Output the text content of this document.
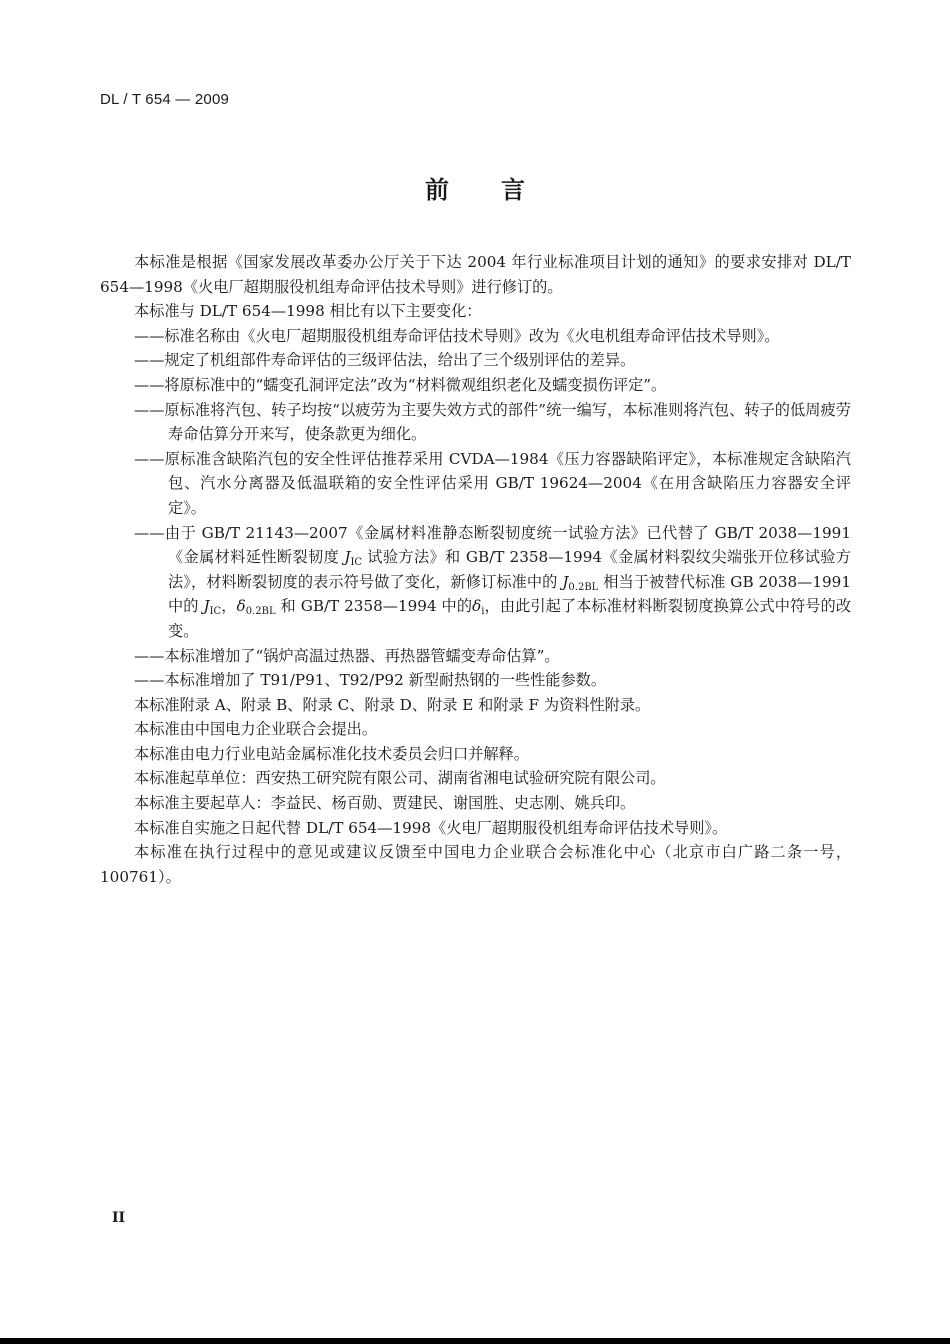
DL / T 654 — 2009
前言

本标准是根据《国家发展改革委办公厅关于下达 2004 年行业标准项目计划的通知》的要求安排对 DL/T 654—1998《火电厂超期服役机组寿命评估技术导则》进行修订的。

本标准与 DL/T 654—1998 相比有以下主要变化：

——标准名称由《火电厂超期服役机组寿命评估技术导则》改为《火电机组寿命评估技术导则》。

——规定了机组部件寿命评估的三级评估法，给出了三个级别评估的差异。

——将原标准中的“蠕变孔洞评定法”改为“材料微观组织老化及蠕变损伤评定”。

——原标准将汽包、转子均按“以疲劳为主要失效方式的部件”统一编写，本标准则将汽包、转子的低周疲劳寿命估算分开来写，使条款更为细化。

——原标准含缺陷汽包的安全性评估推荐采用 CVDA—1984《压力容器缺陷评定》，本标准规定含缺陷汽包、汽水分离器及低温联箱的安全性评估采用 GB/T 19624—2004《在用含缺陷压力容器安全评定》。

——由于 GB/T 21143—2007《金属材料准静态断裂韧度统一试验方法》已代替了 GB/T 2038—1991《金属材料延性断裂韧度 $J_{IC}$ 试验方法》和 GB/T 2358—1994《金属材料裂纹尖端张开位移试验方法》，材料断裂韧度的表示符号做了变化，新修订标准中的 $J_{0.2BL}$ 相当于被替代标准 GB 2038—1991 中的 $J_{IC}$，$\delta_{0.2BL}$ 和 GB/T 2358—1994 中的$\delta_i$，由此引起了本标准材料断裂韧度换算公式中符号的改变。

——本标准增加了“锅炉高温过热器、再热器管蠕变寿命估算”。

——本标准增加了 T91/P91、T92/P92 新型耐热钢的一些性能参数。

本标准附录 A、附录 B、附录 C、附录 D、附录 E 和附录 F 为资料性附录。

本标准由中国电力企业联合会提出。

本标准由电力行业电站金属标准化技术委员会归口并解释。

本标准起草单位：西安热工研究院有限公司、湖南省湘电试验研究院有限公司。

本标准主要起草人：李益民、杨百勋、贾建民、谢国胜、史志刚、姚兵印。

本标准自实施之日起代替 DL/T 654—1998《火电厂超期服役机组寿命评估技术导则》。

本标准在执行过程中的意见或建议反馈至中国电力企业联合会标准化中心（北京市白广路二条一号，100761）。

II
